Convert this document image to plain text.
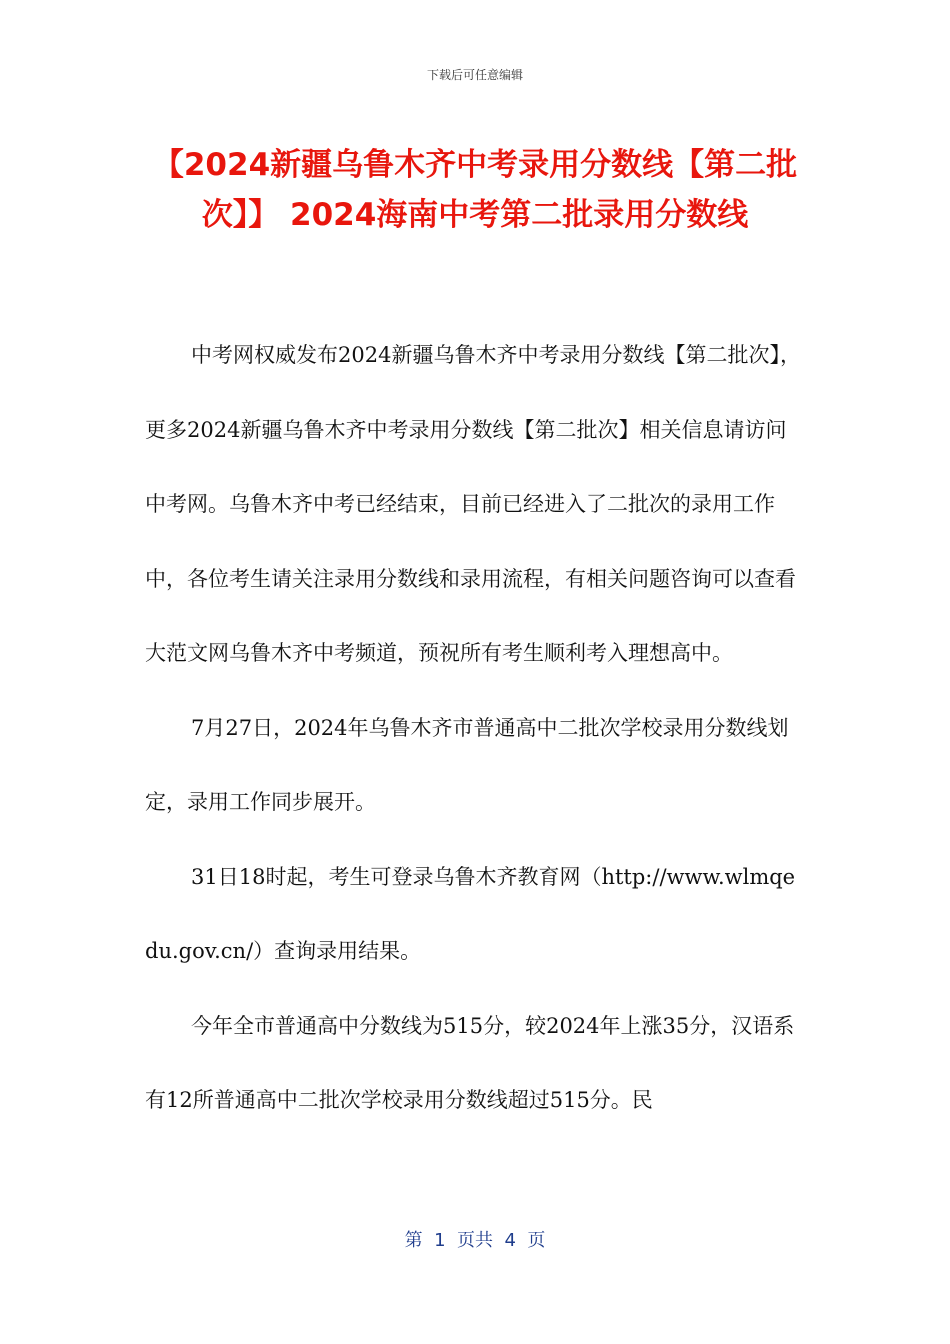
下载后可任意编辑
【2024新疆乌鲁木齐中考录用分数线【第二批次】】 2024海南中考第二批录用分数线

中考网权威发布2024新疆乌鲁木齐中考录用分数线【第二批次】，更多2024新疆乌鲁木齐中考录用分数线【第二批次】相关信息请访问中考网。乌鲁木齐中考已经结束，目前已经进入了二批次的录用工作中，各位考生请关注录用分数线和录用流程，有相关问题咨询可以查看大范文网乌鲁木齐中考频道，预祝所有考生顺利考入理想高中。

7月27日，2024年乌鲁木齐市普通高中二批次学校录用分数线划定，录用工作同步展开。

31日18时起，考生可登录乌鲁木齐教育网（http://www.wlmqedu.gov.cn/）查询录用结果。

今年全市普通高中分数线为515分，较2024年上涨35分，汉语系有12所普通高中二批次学校录用分数线超过515分。民

第  1  页共  4  页
